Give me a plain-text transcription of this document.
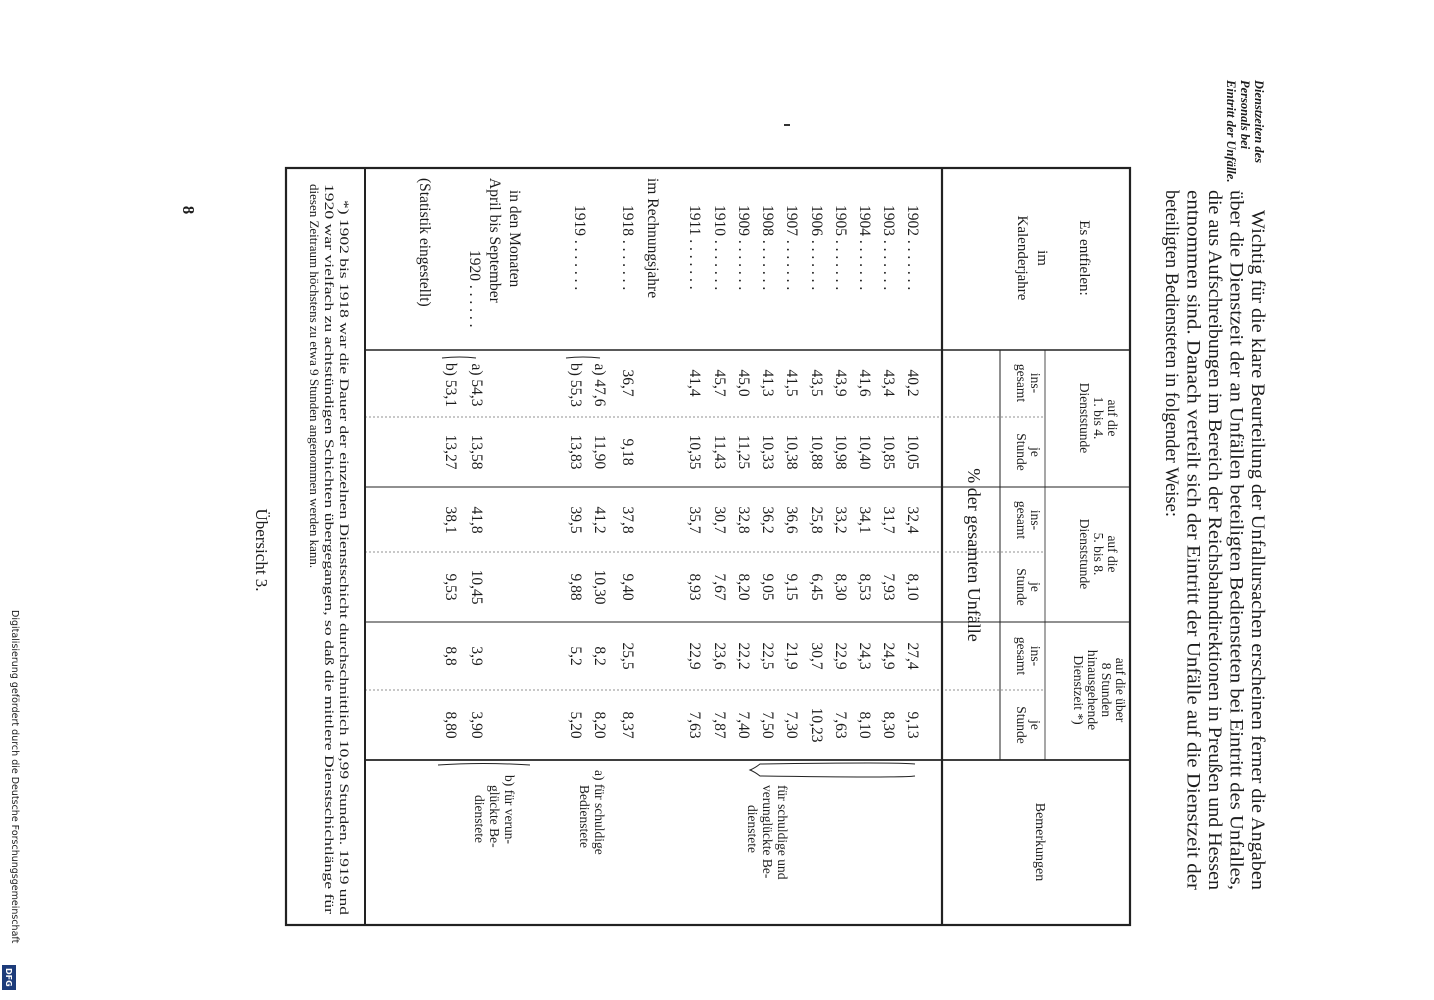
Dienstzeiten des
Personals bei
Eintritt der Unfälle.
Wichtig für die klare Beurteilung der Unfallursachen erscheinen ferner die Angaben
über die Dienstzeit der an Unfällen beteiligten Bediensteten bei Eintritt des Unfalles,
die aus Aufschreibungen im Bereich der Reichsbahndirektionen in Preußen und Hessen
entnommen sind. Danach verteilt sich der Eintritt der Unfälle auf die Dienstzeit der
beteiligten Bediensteten in folgender Weise:
Es entfielen:
im
Kalenderjahre
% der gesamten Unfälle
auf die
1. bis 4.
Dienststunde
auf die
5. bis 8.
Dienststunde
auf die über
8 Stunden
hinausgehende
Dienstzeit *)
ins-
gesamt
je
Stunde
ins-
gesamt
je
Stunde
ins-
gesamt
je
Stunde
Bemerkungen
1902 . . . . . . .
40,2
10,05
32,4
8,10
27,4
9,13
1903 . . . . . . .
43,4
10,85
31,7
7,93
24,9
8,30
1904 . . . . . . .
41,6
10,40
34,1
8,53
24,3
8,10
1905 . . . . . . .
43,9
10,98
33,2
8,30
22,9
7,63
1906 . . . . . . .
43,5
10,88
25,8
6,45
30,7
10,23
1907 . . . . . . .
41,5
10,38
36,6
9,15
21,9
7,30
1908 . . . . . . .
41,3
10,33
36,2
9,05
22,5
7,50
1909 . . . . . . .
45,0
11,25
32,8
8,20
22,2
7,40
1910 . . . . . . .
45,7
11,43
30,7
7,67
23,6
7,87
1911 . . . . . . .
41,4
10,35
35,7
8,93
22,9
7,63
für schuldige und
verunglückte Be-
dienstete
im Rechnungsjahre
1918 . . . . . . .
36,7
9,18
37,8
9,40
25,5
8,37
1919 . . . . . . .
a) 47,6
11,90
41,2
10,30
8,2
8,20
b) 55,3
13,83
39,5
9,88
5,2
5,20
a) für schuldige
Bedienstete
in den Monaten
April bis September
1920 . . . . . .
a) 54,3
13,58
41,8
10,45
3,9
3,90
b) 53,1
13,27
38,1
9,53
8,8
8,80
b) für verun-
glückte Be-
dienstete
(Statistik eingestellt)
*) 1902 bis 1918 war die Dauer der einzelnen Dienstschicht durchschnittlich 10,99 Stunden. 1919 und
1920 war vielfach zu achtstündigen Schichten übergegangen, so daß die mittlere Dienstschichtlänge für
diesen Zeitraum höchstens zu etwa 9 Stunden angenommen werden kann.
Übersicht 3.
8
Digitalisierung gefördert durch die Deutsche Forschungsgemeinschaft
DFG
